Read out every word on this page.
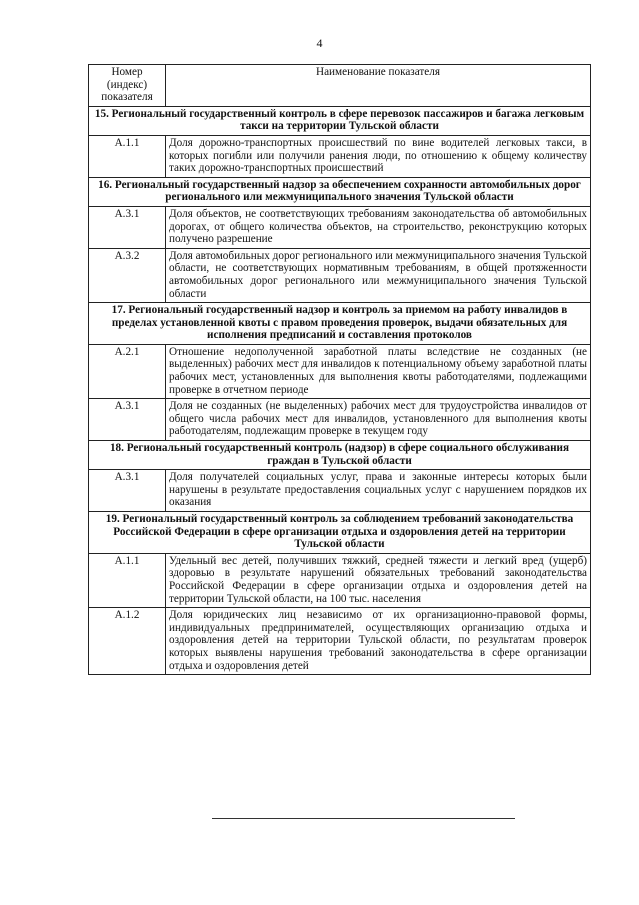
4
Номер (индекс) показателя	Наименование показателя
15. Региональный государственный контроль в сфере перевозок пассажиров и багажа легковым такси на территории Тульской области	
А.1.1	Доля дорожно-транспортных происшествий по вине водителей легковых такси, в которых погибли или получили ранения люди, по отношению к общему количеству таких дорожно-транспортных происшествий
16. Региональный государственный надзор за обеспечением сохранности автомобильных дорог регионального или межмуниципального значения Тульской области	
А.3.1	Доля объектов, не соответствующих требованиям законодательства об автомобильных дорогах, от общего количества объектов, на строительство, реконструкцию которых получено разрешение
А.3.2	Доля автомобильных дорог регионального или межмуниципального значения Тульской области, не соответствующих нормативным требованиям, в общей протяженности автомобильных дорог регионального или межмуниципального значения Тульской области
17. Региональный государственный надзор и контроль за приемом на работу инвалидов в пределах установленной квоты с правом проведения проверок, выдачи обязательных для исполнения предписаний и составления протоколов	
А.2.1	Отношение недополученной заработной платы вследствие не созданных (не выделенных) рабочих мест для инвалидов к потенциальному объему заработной платы рабочих мест, установленных для выполнения квоты работодателями, подлежащими проверке в отчетном периоде
А.3.1	Доля не созданных (не выделенных) рабочих мест для трудоустройства инвалидов от общего числа рабочих мест для инвалидов, установленного для выполнения квоты работодателям, подлежащим проверке в текущем году
18. Региональный государственный контроль (надзор) в сфере социального обслуживания граждан в Тульской области	
А.3.1	Доля получателей социальных услуг, права и законные интересы которых были нарушены в результате предоставления социальных услуг с нарушением порядков их оказания
19. Региональный государственный контроль за соблюдением требований законодательства Российской Федерации в сфере организации отдыха и оздоровления детей на территории Тульской области	
А.1.1	Удельный вес детей, получивших тяжкий, средней тяжести и легкий вред (ущерб) здоровью в результате нарушений обязательных требований законодательства Российской Федерации в сфере организации отдыха и оздоровления детей на территории Тульской области, на 100 тыс. населения
А.1.2	Доля юридических лиц независимо от их организационно-правовой формы, индивидуальных предпринимателей, осуществляющих организацию отдыха и оздоровления детей на территории Тульской области, по результатам проверок которых выявлены нарушения требований законодательства в сфере организации отдыха и оздоровления детей
